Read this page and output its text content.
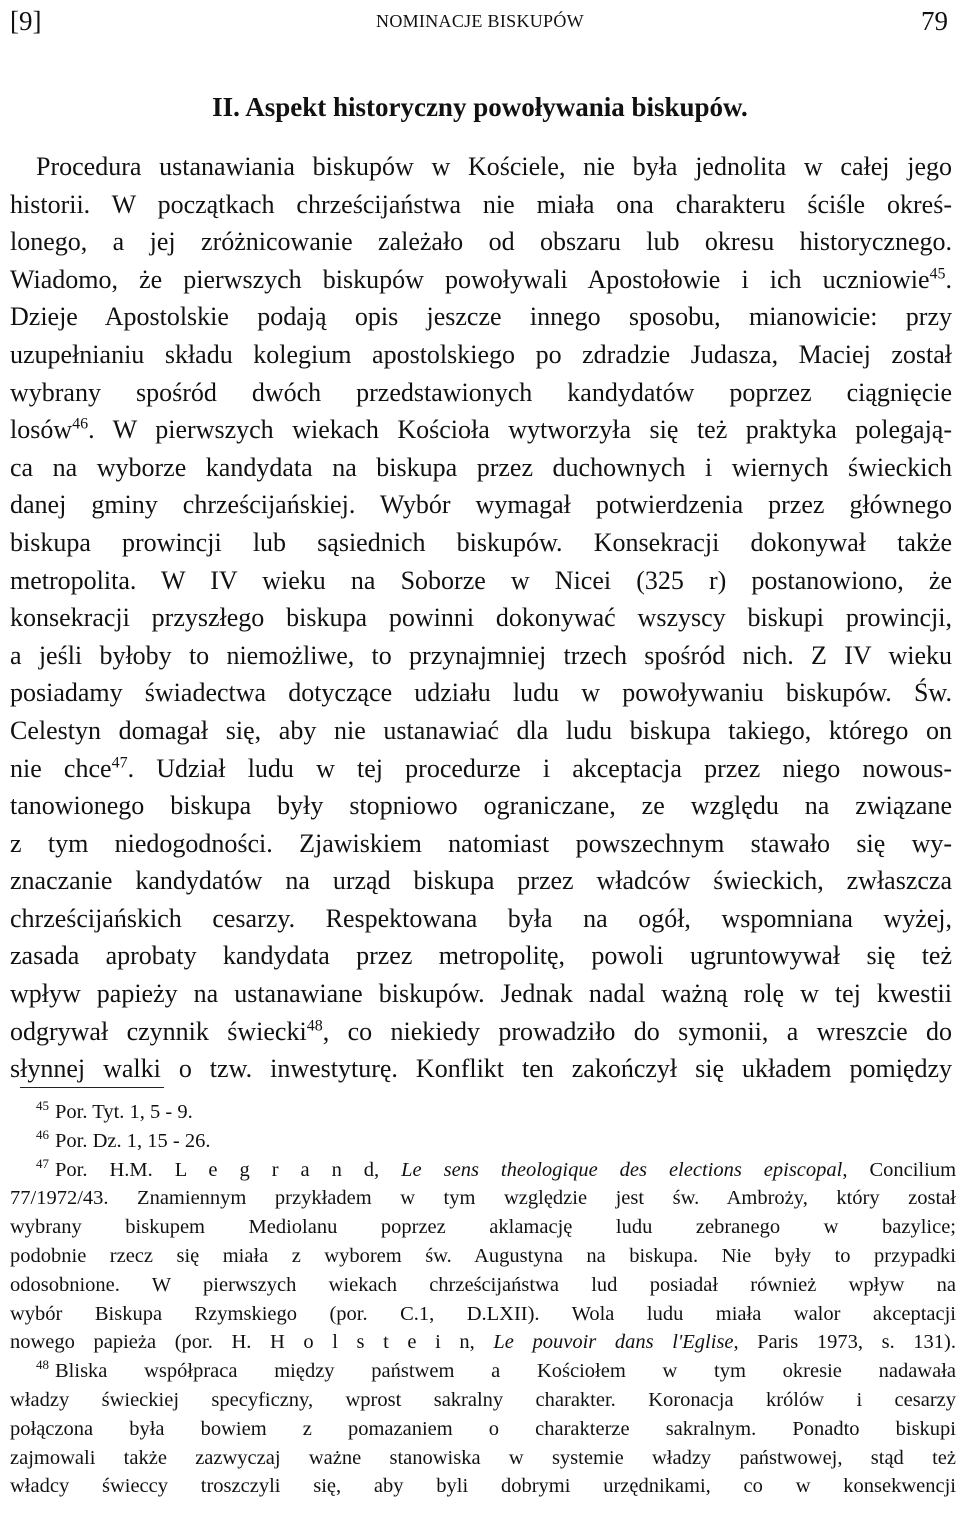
[9]	NOMINACJE BISKUPÓW	79
II. Aspekt historyczny powoływania biskupów.
Procedura ustanawiania biskupów w Kościele, nie była jednolita w całej jego
historii. W początkach chrześcijaństwa nie miała ona charakteru ściśle okreś-
lonego, a jej zróżnicowanie zależało od obszaru lub okresu historycznego.
Wiadomo, że pierwszych biskupów powoływali Apostołowie i ich uczniowie$^{45}$.
Dzieje Apostolskie podają opis jeszcze innego sposobu, mianowicie: przy
uzupełnianiu składu kolegium apostolskiego po zdradzie Judasza, Maciej został
wybrany spośród dwóch przedstawionych kandydatów poprzez ciągnięcie
losów$^{46}$. W pierwszych wiekach Kościoła wytworzyła się też praktyka polegają-
ca na wyborze kandydata na biskupa przez duchownych i wiernych świeckich
danej gminy chrześcijańskiej. Wybór wymagał potwierdzenia przez głównego
biskupa prowincji lub sąsiednich biskupów. Konsekracji dokonywał także
metropolita. W IV wieku na Soborze w Nicei (325 r) postanowiono, że
konsekracji przyszłego biskupa powinni dokonywać wszyscy biskupi prowincji,
a jeśli byłoby to niemożliwe, to przynajmniej trzech spośród nich. Z IV wieku
posiadamy świadectwa dotyczące udziału ludu w powoływaniu biskupów. Św.
Celestyn domagał się, aby nie ustanawiać dla ludu biskupa takiego, którego on
nie chce$^{47}$. Udział ludu w tej procedurze i akceptacja przez niego nowous-
tanowionego biskupa były stopniowo ograniczane, ze względu na związane
z tym niedogodności. Zjawiskiem natomiast powszechnym stawało się wy-
znaczanie kandydatów na urząd biskupa przez władców świeckich, zwłaszcza
chrześcijańskich cesarzy. Respektowana była na ogół, wspomniana wyżej,
zasada aprobaty kandydata przez metropolitę, powoli ugruntowywał się też
wpływ papieży na ustanawiane biskupów. Jednak nadal ważną rolę w tej kwestii
odgrywał czynnik świecki$^{48}$, co niekiedy prowadziło do symonii, a wreszcie do
słynnej walki o tzw. inwestyturę. Konflikt ten zakończył się układem pomiędzy
$^{45}$ Por. Tyt. 1, 5 - 9.
$^{46}$ Por. Dz. 1, 15 - 26.
$^{47}$ Por. H.M. L e g r a n d, Le sens theologique des elections episcopal, Concilium
77/1972/43. Znamiennym przykładem w tym względzie jest św. Ambroży, który został
wybrany biskupem Mediolanu poprzez aklamację ludu zebranego w bazylice;
podobnie rzecz się miała z wyborem św. Augustyna na biskupa. Nie były to przypadki
odosobnione. W pierwszych wiekach chrześcijaństwa lud posiadał również wpływ na
wybór Biskupa Rzymskiego (por. C.1, D.LXII). Wola ludu miała walor akceptacji
nowego papieża (por. H. H o l s t e i n, Le pouvoir dans l'Eglise, Paris 1973, s. 131).
$^{48}$ Bliska współpraca między państwem a Kościołem w tym okresie nadawała
władzy świeckiej specyficzny, wprost sakralny charakter. Koronacja królów i cesarzy
połączona była bowiem z pomazaniem o charakterze sakralnym. Ponadto biskupi
zajmowali także zazwyczaj ważne stanowiska w systemie władzy państwowej, stąd też
władcy świeccy troszczyli się, aby byli dobrymi urzędnikami, co w konsekwencji
